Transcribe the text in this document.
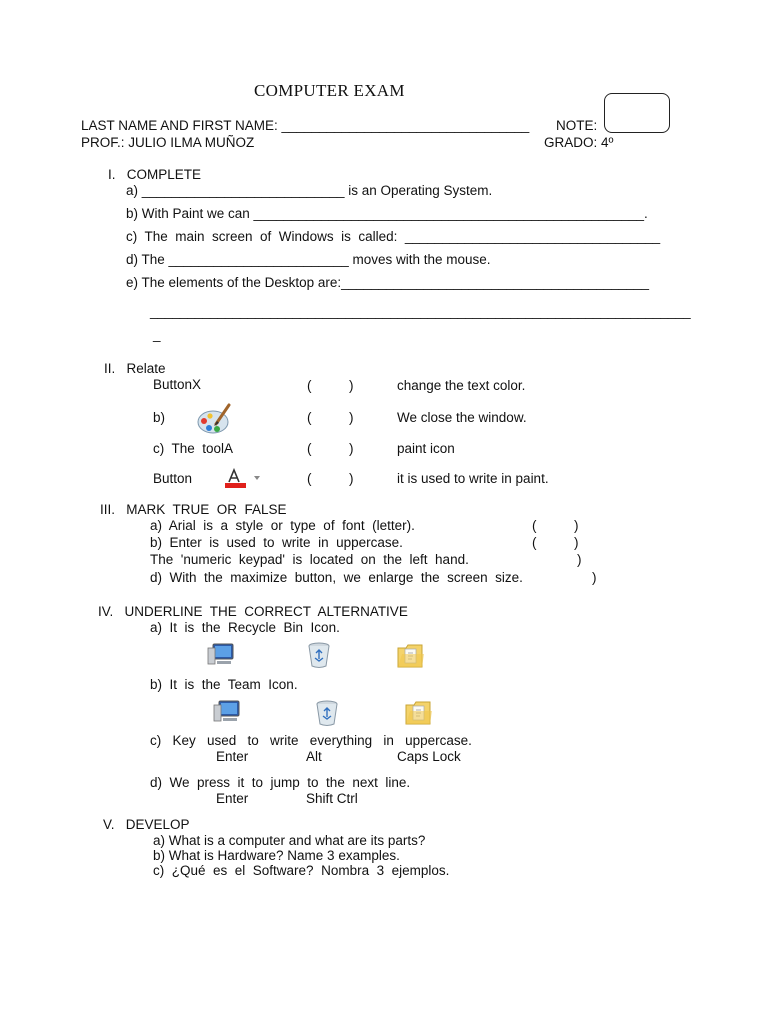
COMPUTER EXAM
LAST NAME AND FIRST NAME: _________________________________ NOTE:
PROF.: JULIO ILMA MUÑOZ	GRADO: 4º
I.   COMPLETE
a) ___________________________ is an Operating System.
b) With Paint we can ____________________________________________________.
c)  The  main  screen  of  Windows  is  called:  __________________________________
d) The ________________________ moves with the mouse.
e) The elements of the Desktop are:_________________________________________
________________________________________________________________________
_
II.   Relate
ButtonX	(          )	change the text color.
b)	(          )	We close the window.
c)  The  toolA	(          )	paint icon
Button	(          )	it is used to write in paint.
III.   MARK  TRUE  OR  FALSE
a)  Arial  is  a  style  or  type  of  font  (letter).	(          )
b)  Enter  is  used  to  write  in  uppercase.	(          )
The  'numeric  keypad'  is  located  on  the  left  hand.	)
d)  With  the  maximize  button,  we  enlarge  the  screen  size.	)
IV.   UNDERLINE  THE  CORRECT  ALTERNATIVE
a)  It  is  the  Recycle  Bin  Icon.
b)  It  is  the  Team  Icon.
c)   Key   used   to   write   everything   in   uppercase.
Enter	Alt	Caps Lock
d)  We  press  it  to  jump  to  the  next  line.
Enter	Shift Ctrl
V.   DEVELOP
a) What is a computer and what are its parts?
b) What is Hardware? Name 3 examples.
c)  ¿Qué  es  el  Software?  Nombra  3  ejemplos.
